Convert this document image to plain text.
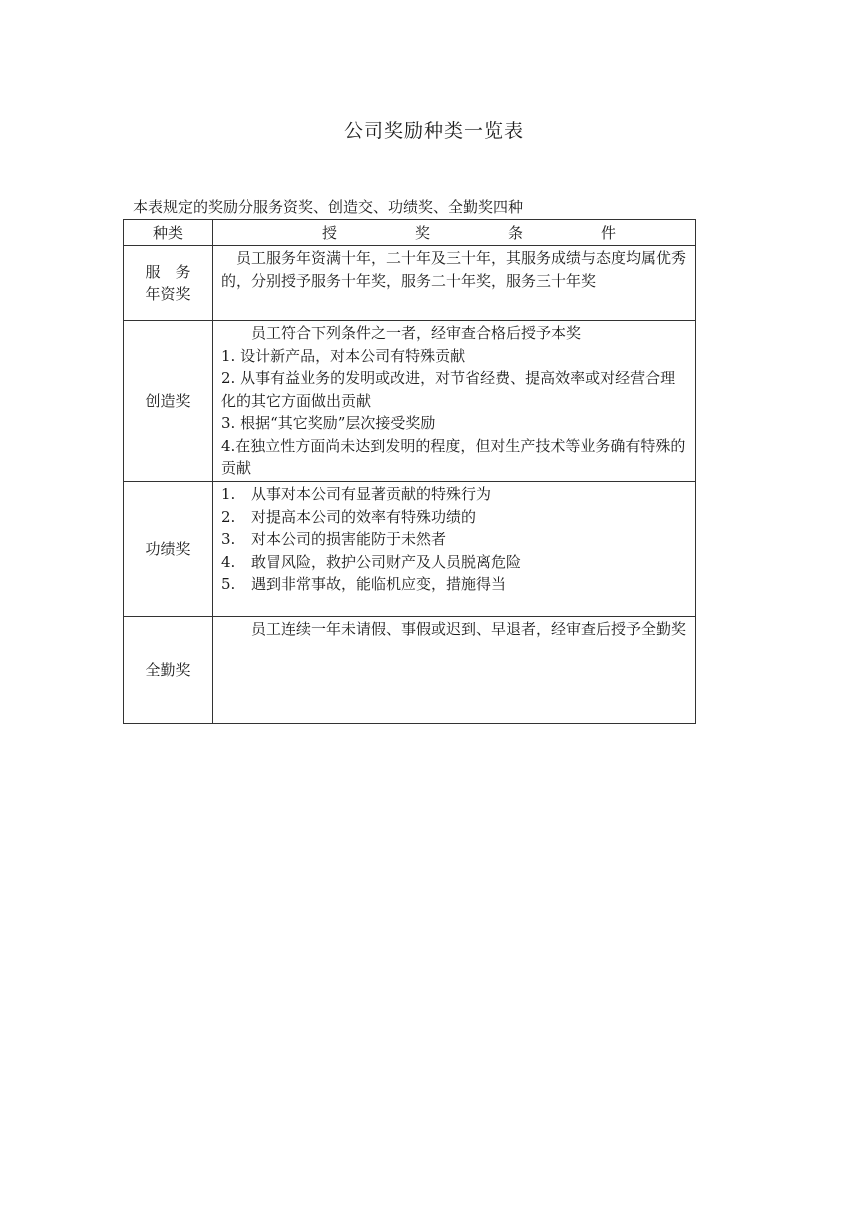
公司奖励种类一览表
本表规定的奖励分服务资奖、创造交、功绩奖、全勤奖四种
种类	授 奖 条 件

服　务
年资奖	员工服务年资满十年，二十年及三十年，其服务成绩与态度均属优秀的，分别授予服务十年奖，服务二十年奖，服务三十年奖

创造奖	员工符合下列条件之一者，经审查合格后授予本奖
1. 设计新产品，对本公司有特殊贡献
2. 从事有益业务的发明或改进，对节省经费、提高效率或对经营合理化的其它方面做出贡献
3. 根据“其它奖励”层次接受奖励
4.在独立性方面尚未达到发明的程度，但对生产技术等业务确有特殊的贡献

功绩奖	1. 从事对本公司有显著贡献的特殊行为
2. 对提高本公司的效率有特殊功绩的
3. 对本公司的损害能防于未然者
4. 敢冒风险，救护公司财产及人员脱离危险
5. 遇到非常事故，能临机应变，措施得当

全勤奖	员工连续一年未请假、事假或迟到、早退者，经审查后授予全勤奖
